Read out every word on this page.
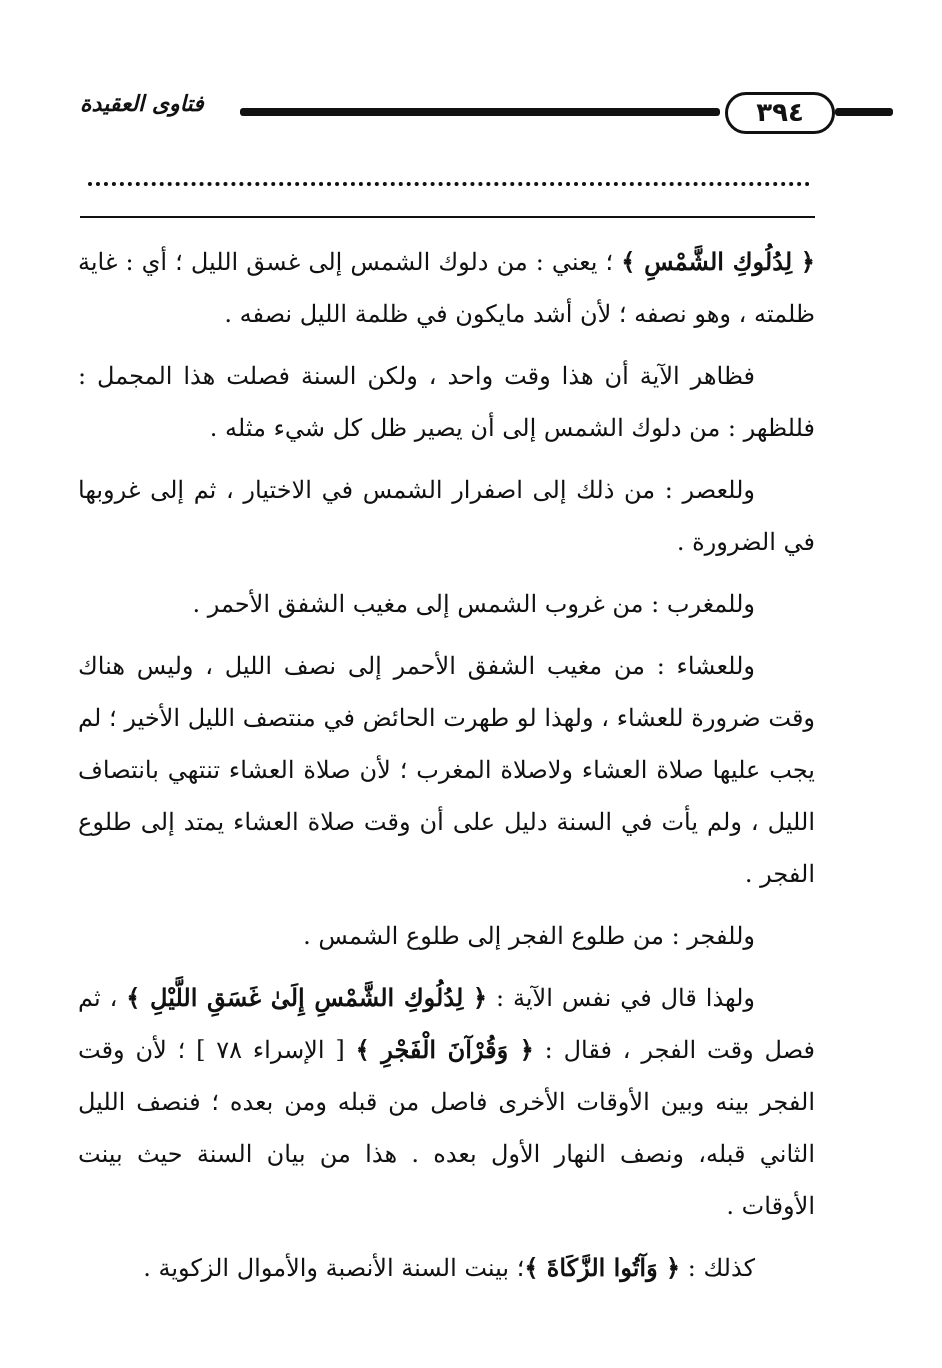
فتاوى العقيدة	٣٩٤

﴿ لِدُلُوكِ الشَّمْسِ ﴾ ؛ يعني : من دلوك الشمس إلى غسق الليل ؛ أي : غاية ظلمته ، وهو نصفه ؛ لأن أشد مايكون في ظلمة الليل نصفه .

فظاهر الآية أن هذا وقت واحد ، ولكن السنة فصلت هذا المجمل : فللظهر : من دلوك الشمس إلى أن يصير ظل كل شيء مثله .

وللعصر : من ذلك إلى اصفرار الشمس في الاختيار ، ثم إلى غروبها في الضرورة .

وللمغرب : من غروب الشمس إلى مغيب الشفق الأحمر .

وللعشاء : من مغيب الشفق الأحمر إلى نصف الليل ، وليس هناك وقت ضرورة للعشاء ، ولهذا لو طهرت الحائض في منتصف الليل الأخير ؛ لم يجب عليها صلاة العشاء ولاصلاة المغرب ؛ لأن صلاة العشاء تنتهي بانتصاف الليل ، ولم يأت في السنة دليل على أن وقت صلاة العشاء يمتد إلى طلوع الفجر .

وللفجر : من طلوع الفجر إلى طلوع الشمس .

ولهذا قال في نفس الآية : ﴿ لِدُلُوكِ الشَّمْسِ إِلَىٰ غَسَقِ اللَّيْلِ ﴾ ، ثم فصل وقت الفجر ، فقال : ﴿ وَقُرْآنَ الْفَجْرِ ﴾ [ الإسراء ٧٨ ] ؛ لأن وقت الفجر بينه وبين الأوقات الأخرى فاصل من قبله ومن بعده ؛ فنصف الليل الثاني قبله، ونصف النهار الأول بعده . هذا من بيان السنة حيث بينت الأوقات .

كذلك : ﴿ وَآتُوا الزَّكَاةَ ﴾؛ بينت السنة الأنصبة والأموال الزكوية .
